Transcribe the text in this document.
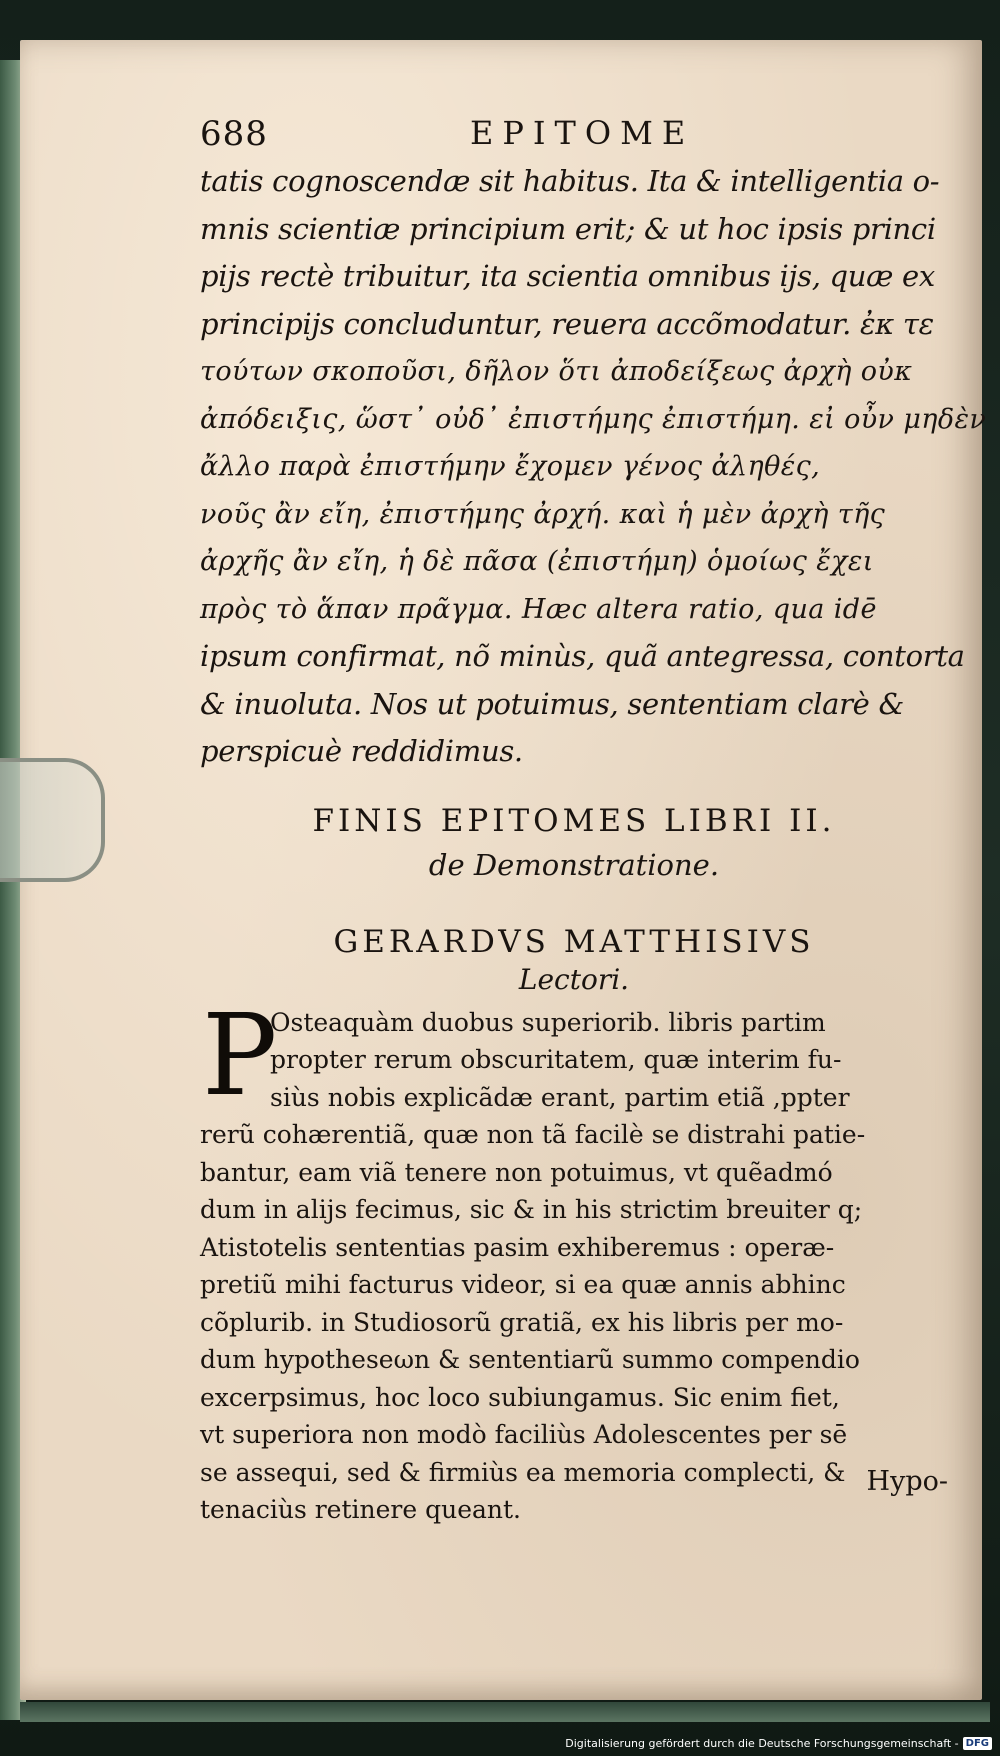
688	EPITOME

tatis cognoscendæ sit habitus. Ita & intelligentia o-
mnis scientiæ principium erit; & ut hoc ipsis princi
pijs rectè tribuitur, ita scientia omnibus ijs, quæ ex
principijs concluduntur, reuera accõmodatur. ἐκ τε

τούτων σκοποῦσι, δῆλον ὅτι ἀποδείξεως ἀρχὴ οὐκ
ἀπόδειξις, ὥστ᾽ οὐδ᾽ ἐπιστήμης ἐπιστήμη. εἰ οὖν μηδὲν
ἄλλο παρὰ ἐπιστήμην ἔχομεν γένος ἀληθές,
νοῦς ἂν εἴη, ἐπιστήμης ἀρχή. καὶ ἡ μὲν ἀρχὴ τῆς
ἀρχῆς ἂν εἴη, ἡ δὲ πᾶσα (ἐπιστήμη) ὁμοίως ἔχει
πρὸς τὸ ἅπαν πρᾶγμα. Hæc altera ratio, qua idē

ipsum confirmat, nõ minùs, quã antegressa, contorta
& inuoluta. Nos ut potuimus, sententiam clarè &
perspicuè reddidimus.

FINIS EPITOMES LIBRI II.
de Demonstratione.
GERARDVS MATTHISIVS
Lectori.
P
Osteaquàm duobus superiorib. libris partim
propter rerum obscuritatem, quæ interim fu-
siùs nobis explicãdæ erant, partim etiã ,ppter
rerũ cohærentiã, quæ non tã facilè se distrahi patie-
bantur, eam viã tenere non potuimus, vt quẽadmó
dum in alijs fecimus, sic & in his strictim breuiter q;
Atistotelis sententias pasim exhiberemus : operæ-
pretiũ mihi facturus videor, si ea quæ annis abhinc
cõplurib. in Studiosorũ gratiã, ex his libris per mo-
dum hypotheseωn & sententiarũ summo compendio
excerpsimus, hoc loco subiungamus. Sic enim fiet,
vt superiora non modò faciliùs Adolescentes per sē
se assequi, sed & firmiùs ea memoria complecti, &
tenaciùs retinere queant.
Hypo-
Digitalisierung gefördert durch die Deutsche Forschungsgemeinschaft - DFG
